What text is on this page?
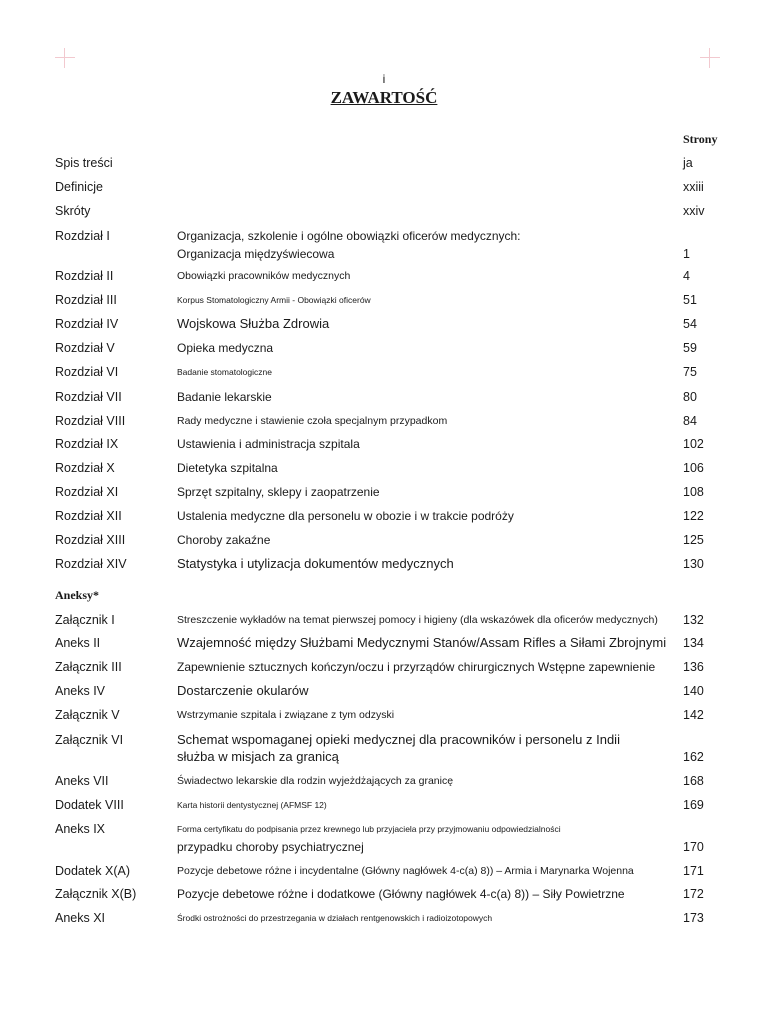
i
ZAWARTOŚĆ
Strony
Spis treści	ja
Definicje	xxiii
Skróty	xxiv
Rozdział I	Organizacja, szkolenie i ogólne obowiązki oficerów medycznych:
Organizacja międzyświecowa	1
Rozdział II	Obowiązki pracowników medycznych	4
Rozdział III	Korpus Stomatologiczny Armii - Obowiązki oficerów	51
Rozdział IV	Wojskowa Służba Zdrowia	54
Rozdział V	Opieka medyczna	59
Rozdział VI	Badanie stomatologiczne	75
Rozdział VII	Badanie lekarskie	80
Rozdział VIII	Rady medyczne i stawienie czoła specjalnym przypadkom	84
Rozdział IX	Ustawienia i administracja szpitala	102
Rozdział X	Dietetyka szpitalna	106
Rozdział XI	Sprzęt szpitalny, sklepy i zaopatrzenie	108
Rozdział XII	Ustalenia medyczne dla personelu w obozie i w trakcie podróży	122
Rozdział XIII	Choroby zakaźne	125
Rozdział XIV	Statystyka i utylizacja dokumentów medycznych	130
Aneksy*
Załącznik I	Streszczenie wykładów na temat pierwszej pomocy i higieny (dla wskazówek dla oficerów medycznych)	132
Aneks II	Wzajemność między Służbami Medycznymi Stanów/Assam Rifles a Siłami Zbrojnymi	134
Załącznik III	Zapewnienie sztucznych kończyn/oczu i przyrządów chirurgicznych Wstępne zapewnienie	136
Aneks IV	Dostarczenie okularów	140
Załącznik V	Wstrzymanie szpitala i związane z tym odzyski	142
Załącznik VI	Schemat wspomaganej opieki medycznej dla pracowników i personelu z Indii
służba w misjach za granicą	162
Aneks VII	Świadectwo lekarskie dla rodzin wyjeżdżających za granicę	168
Dodatek VIII	Karta historii dentystycznej (AFMSF 12)	169
Aneks IX	Forma certyfikatu do podpisania przez krewnego lub przyjaciela przy przyjmowaniu odpowiedzialności
przypadku choroby psychiatrycznej	170
Dodatek X(A)	Pozycje debetowe różne i incydentalne (Główny nagłówek 4-c(a) 8)) – Armia i Marynarka Wojenna	171
Załącznik X(B)	Pozycje debetowe różne i dodatkowe (Główny nagłówek 4-c(a) 8)) – Siły Powietrzne	172
Aneks XI	Środki ostrożności do przestrzegania w działach rentgenowskich i radioizotopowych	173
